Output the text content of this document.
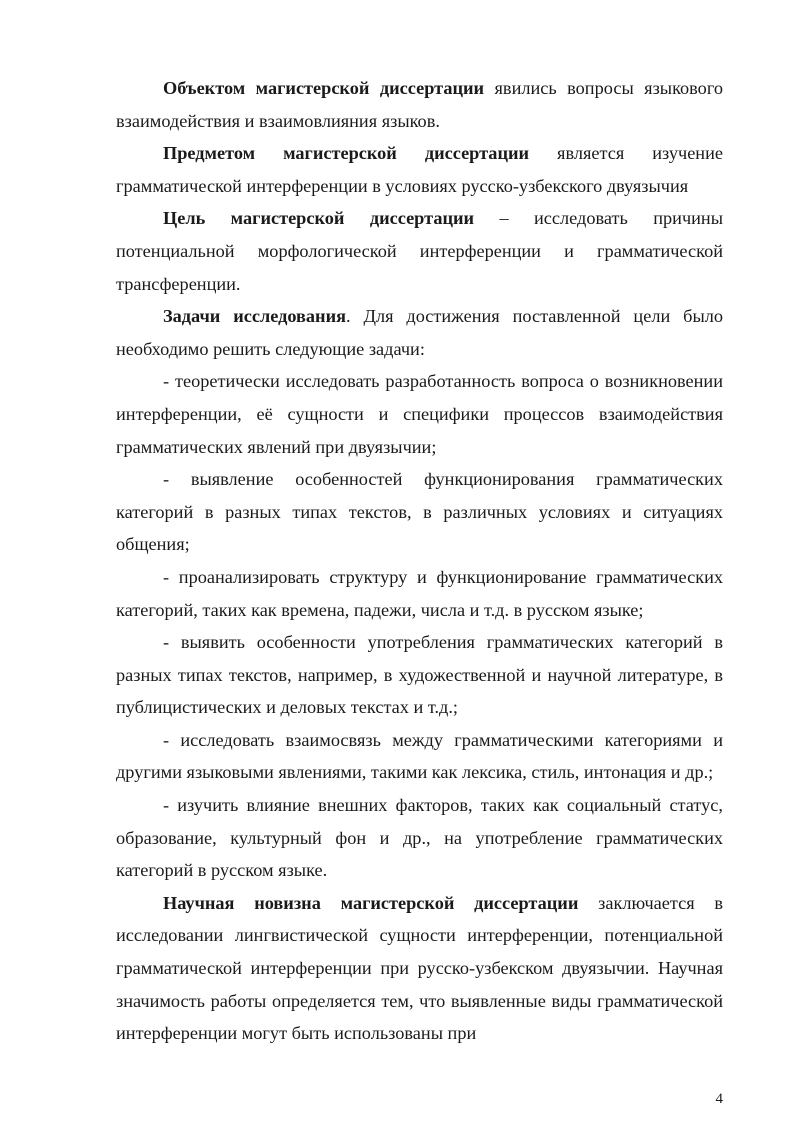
Объектом магистерской диссертации явились вопросы языкового взаимодействия и взаимовлияния языков.

Предметом магистерской диссертации является изучение грамматической интерференции в условиях русско-узбекского двуязычия

Цель магистерской диссертации – исследовать причины потенциальной морфологической интерференции и грамматической трансференции.

Задачи исследования. Для достижения поставленной цели было необходимо решить следующие задачи:

- теоретически исследовать разработанность вопроса о возникновении интерференции, её сущности и специфики процессов взаимодействия грамматических явлений при двуязычии;

- выявление особенностей функционирования грамматических категорий в разных типах текстов, в различных условиях и ситуациях общения;

- проанализировать структуру и функционирование грамматических категорий, таких как времена, падежи, числа и т.д. в русском языке;

- выявить особенности употребления грамматических категорий в разных типах текстов, например, в художественной и научной литературе, в публицистических и деловых текстах и т.д.;

- исследовать взаимосвязь между грамматическими категориями и другими языковыми явлениями, такими как лексика, стиль, интонация и др.;

- изучить влияние внешних факторов, таких как социальный статус, образование, культурный фон и др., на употребление грамматических категорий в русском языке.

Научная новизна магистерской диссертации заключается в исследовании лингвистической сущности интерференции, потенциальной грамматической интерференции при русско-узбекском двуязычии. Научная значимость работы определяется тем, что выявленные виды грамматической интерференции могут быть использованы при

4
